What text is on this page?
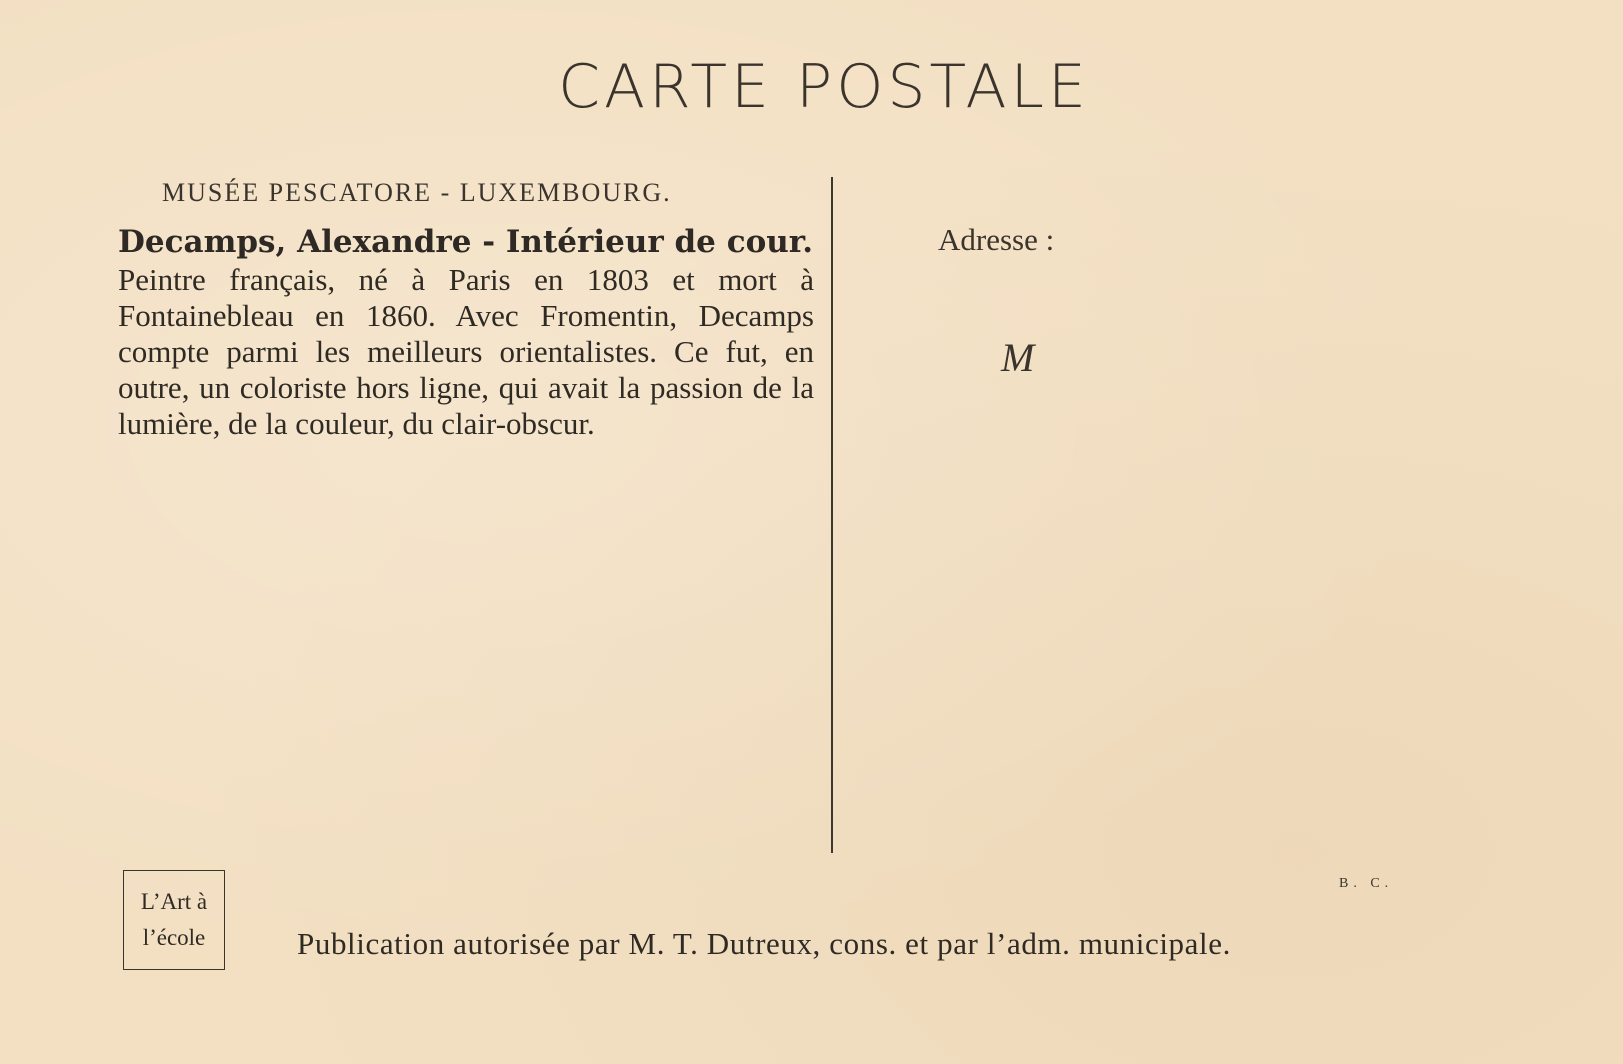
CARTE POSTALE
MUSÉE PESCATORE - LUXEMBOURG.
Decamps, Alexandre - Intérieur de cour.
Peintre français, né à Paris en 1803 et mort à Fontainebleau en 1860. Avec Fromentin, Decamps compte parmi les meilleurs orientalistes. Ce fut, en outre, un coloriste hors ligne, qui avait la passion de la lumière, de la couleur, du clair-obscur.
Adresse :
M
L’Art à
l’école
B. C.
Publication autorisée par M. T. Dutreux, cons. et par l’adm. municipale.
